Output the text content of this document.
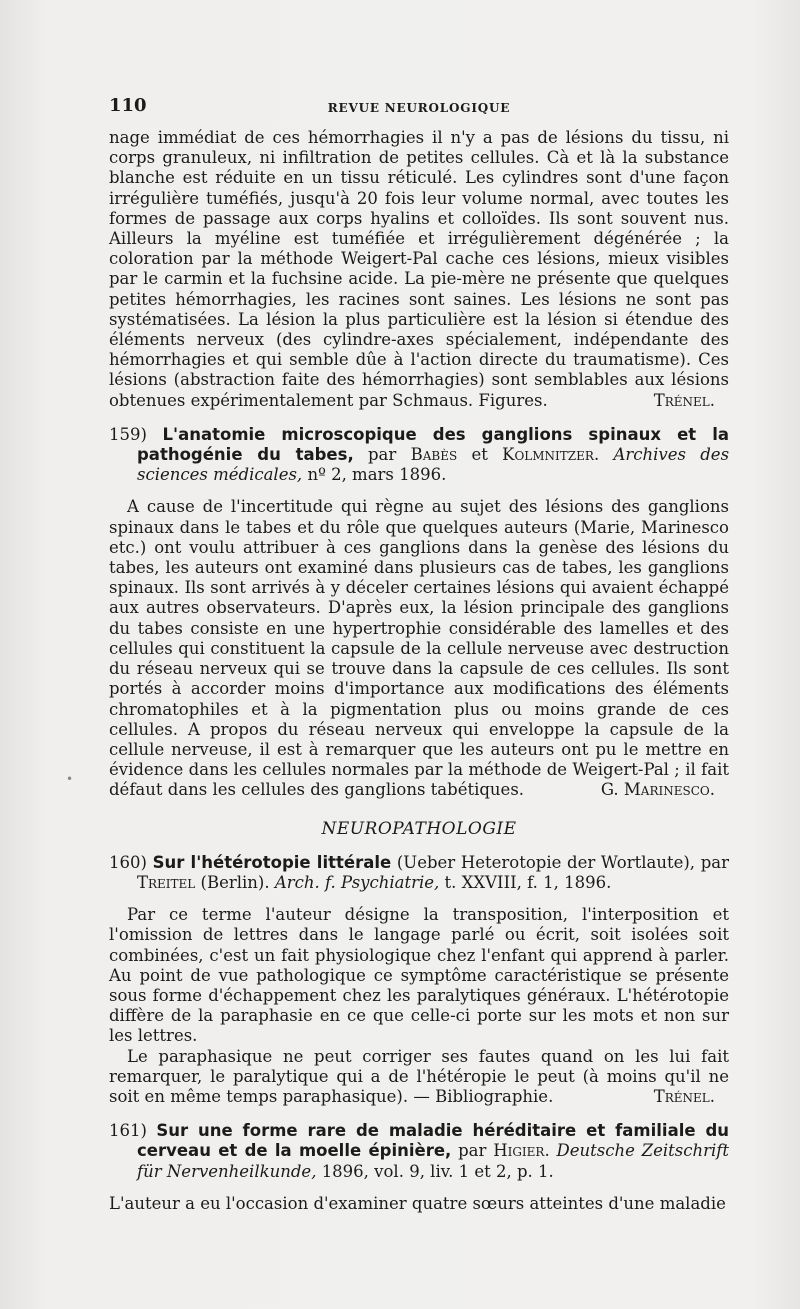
110	REVUE NEUROLOGIQUE

nage immédiat de ces hémorrhagies il n'y a pas de lésions du tissu, ni corps granuleux, ni infiltration de petites cellules. Cà et là la substance blanche est réduite en un tissu réticulé. Les cylindres sont d'une façon irrégulière tuméfiés, jusqu'à 20 fois leur volume normal, avec toutes les formes de passage aux corps hyalins et colloïdes. Ils sont souvent nus. Ailleurs la myéline est tuméfiée et irrégulièrement dégénérée ; la coloration par la méthode Weigert-Pal cache ces lésions, mieux visibles par le carmin et la fuchsine acide. La pie-mère ne présente que quelques petites hémorrhagies, les racines sont saines. Les lésions ne sont pas systématisées. La lésion la plus particulière est la lésion si étendue des éléments nerveux (des cylindre-axes spécialement, indépendante des hémorrhagies et qui semble dûe à l'action directe du traumatisme). Ces lésions (abstraction faite des hémorrhagies) sont semblables aux lésions obtenues expérimentalement par Schmaus. Figures.	Trénel.

159) L'anatomie microscopique des ganglions spinaux et la pathogénie du tabes, par Babès et Kolmnitzer. Archives des sciences médicales, nº 2, mars 1896.

A cause de l'incertitude qui règne au sujet des lésions des ganglions spinaux dans le tabes et du rôle que quelques auteurs (Marie, Marinesco etc.) ont voulu attribuer à ces ganglions dans la genèse des lésions du tabes, les auteurs ont examiné dans plusieurs cas de tabes, les ganglions spinaux. Ils sont arrivés à y déceler certaines lésions qui avaient échappé aux autres observateurs. D'après eux, la lésion principale des ganglions du tabes consiste en une hypertrophie considérable des lamelles et des cellules qui constituent la capsule de la cellule nerveuse avec destruction du réseau nerveux qui se trouve dans la capsule de ces cellules. Ils sont portés à accorder moins d'importance aux modifications des éléments chromatophiles et à la pigmentation plus ou moins grande de ces cellules. A propos du réseau nerveux qui enveloppe la capsule de la cellule nerveuse, il est à remarquer que les auteurs ont pu le mettre en évidence dans les cellules normales par la méthode de Weigert-Pal ; il fait défaut dans les cellules des ganglions tabétiques.	G. Marinesco.

NEUROPATHOLOGIE

160) Sur l'hétérotopie littérale (Ueber Heterotopie der Wortlaute), par Treitel (Berlin). Arch. f. Psychiatrie, t. XXVIII, f. 1, 1896.

Par ce terme l'auteur désigne la transposition, l'interposition et l'omission de lettres dans le langage parlé ou écrit, soit isolées soit combinées, c'est un fait physiologique chez l'enfant qui apprend à parler. Au point de vue pathologique ce symptôme caractéristique se présente sous forme d'échappement chez les paralytiques généraux. L'hétérotopie diffère de la paraphasie en ce que celle-ci porte sur les mots et non sur les lettres.

Le paraphasique ne peut corriger ses fautes quand on les lui fait remarquer, le paralytique qui a de l'hétéropie le peut (à moins qu'il ne soit en même temps paraphasique). — Bibliographie.	Trénel.

161) Sur une forme rare de maladie héréditaire et familiale du cerveau et de la moelle épinière, par Higier. Deutsche Zeitschrift für Nervenheilkunde, 1896, vol. 9, liv. 1 et 2, p. 1.

L'auteur a eu l'occasion d'examiner quatre sœurs atteintes d'une maladie

•
